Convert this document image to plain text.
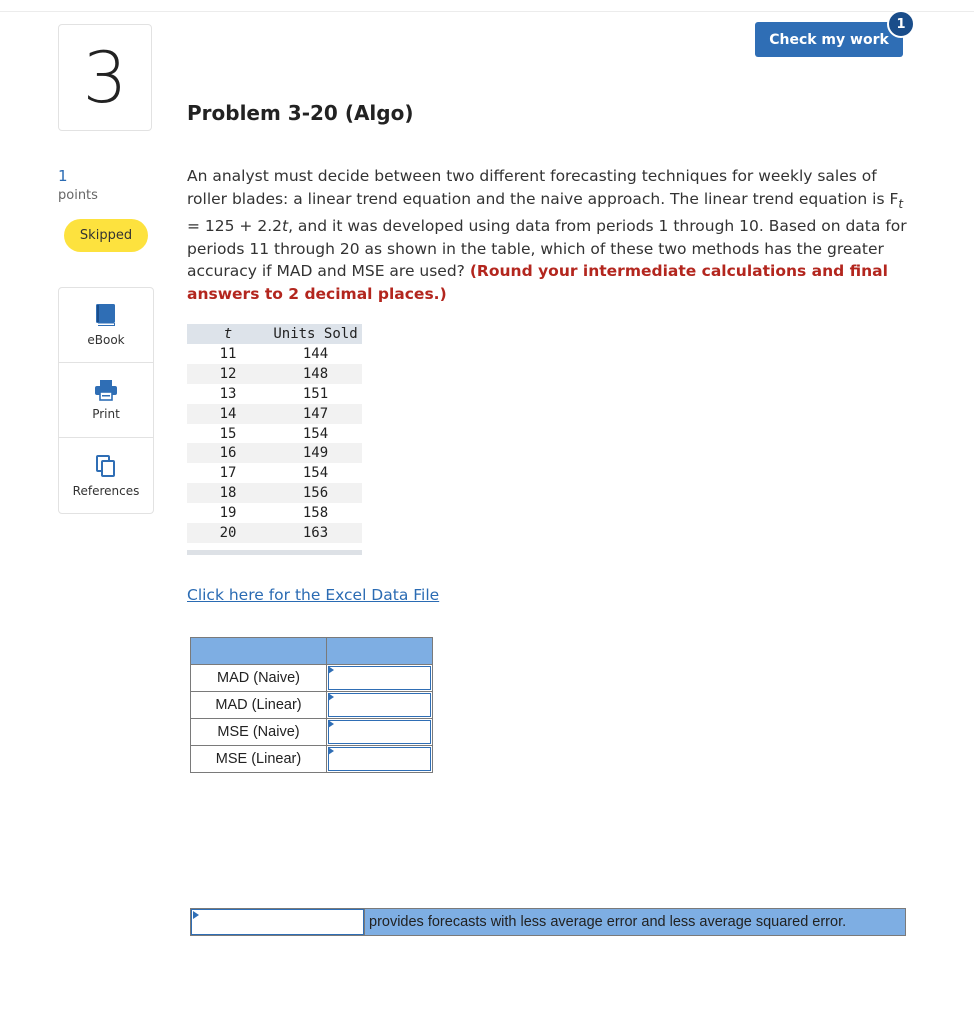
3	Check my work
1
Problem 3-20 (Algo)
1
points
Skipped
eBook
Print
References

An analyst must decide between two different forecasting techniques for weekly sales of roller blades: a linear trend equation and the naive approach. The linear trend equation is $F_t = 125 + 2.2t$, and it was developed using data from periods 1 through 10. Based on data for periods 11 through 20 as shown in the table, which of these two methods has the greater accuracy if MAD and MSE are used? (Round your intermediate calculations and final answers to 2 decimal places.)

t	Units Sold
11	144
12	148
13	151
14	147
15	154
16	149
17	154
18	156
19	158
20	163
Click here for the Excel Data File

MAD (Naive)	

MAD (Linear)	

MSE (Naive)	

MSE (Linear)	
provides forecasts with less average error and less average squared error.
